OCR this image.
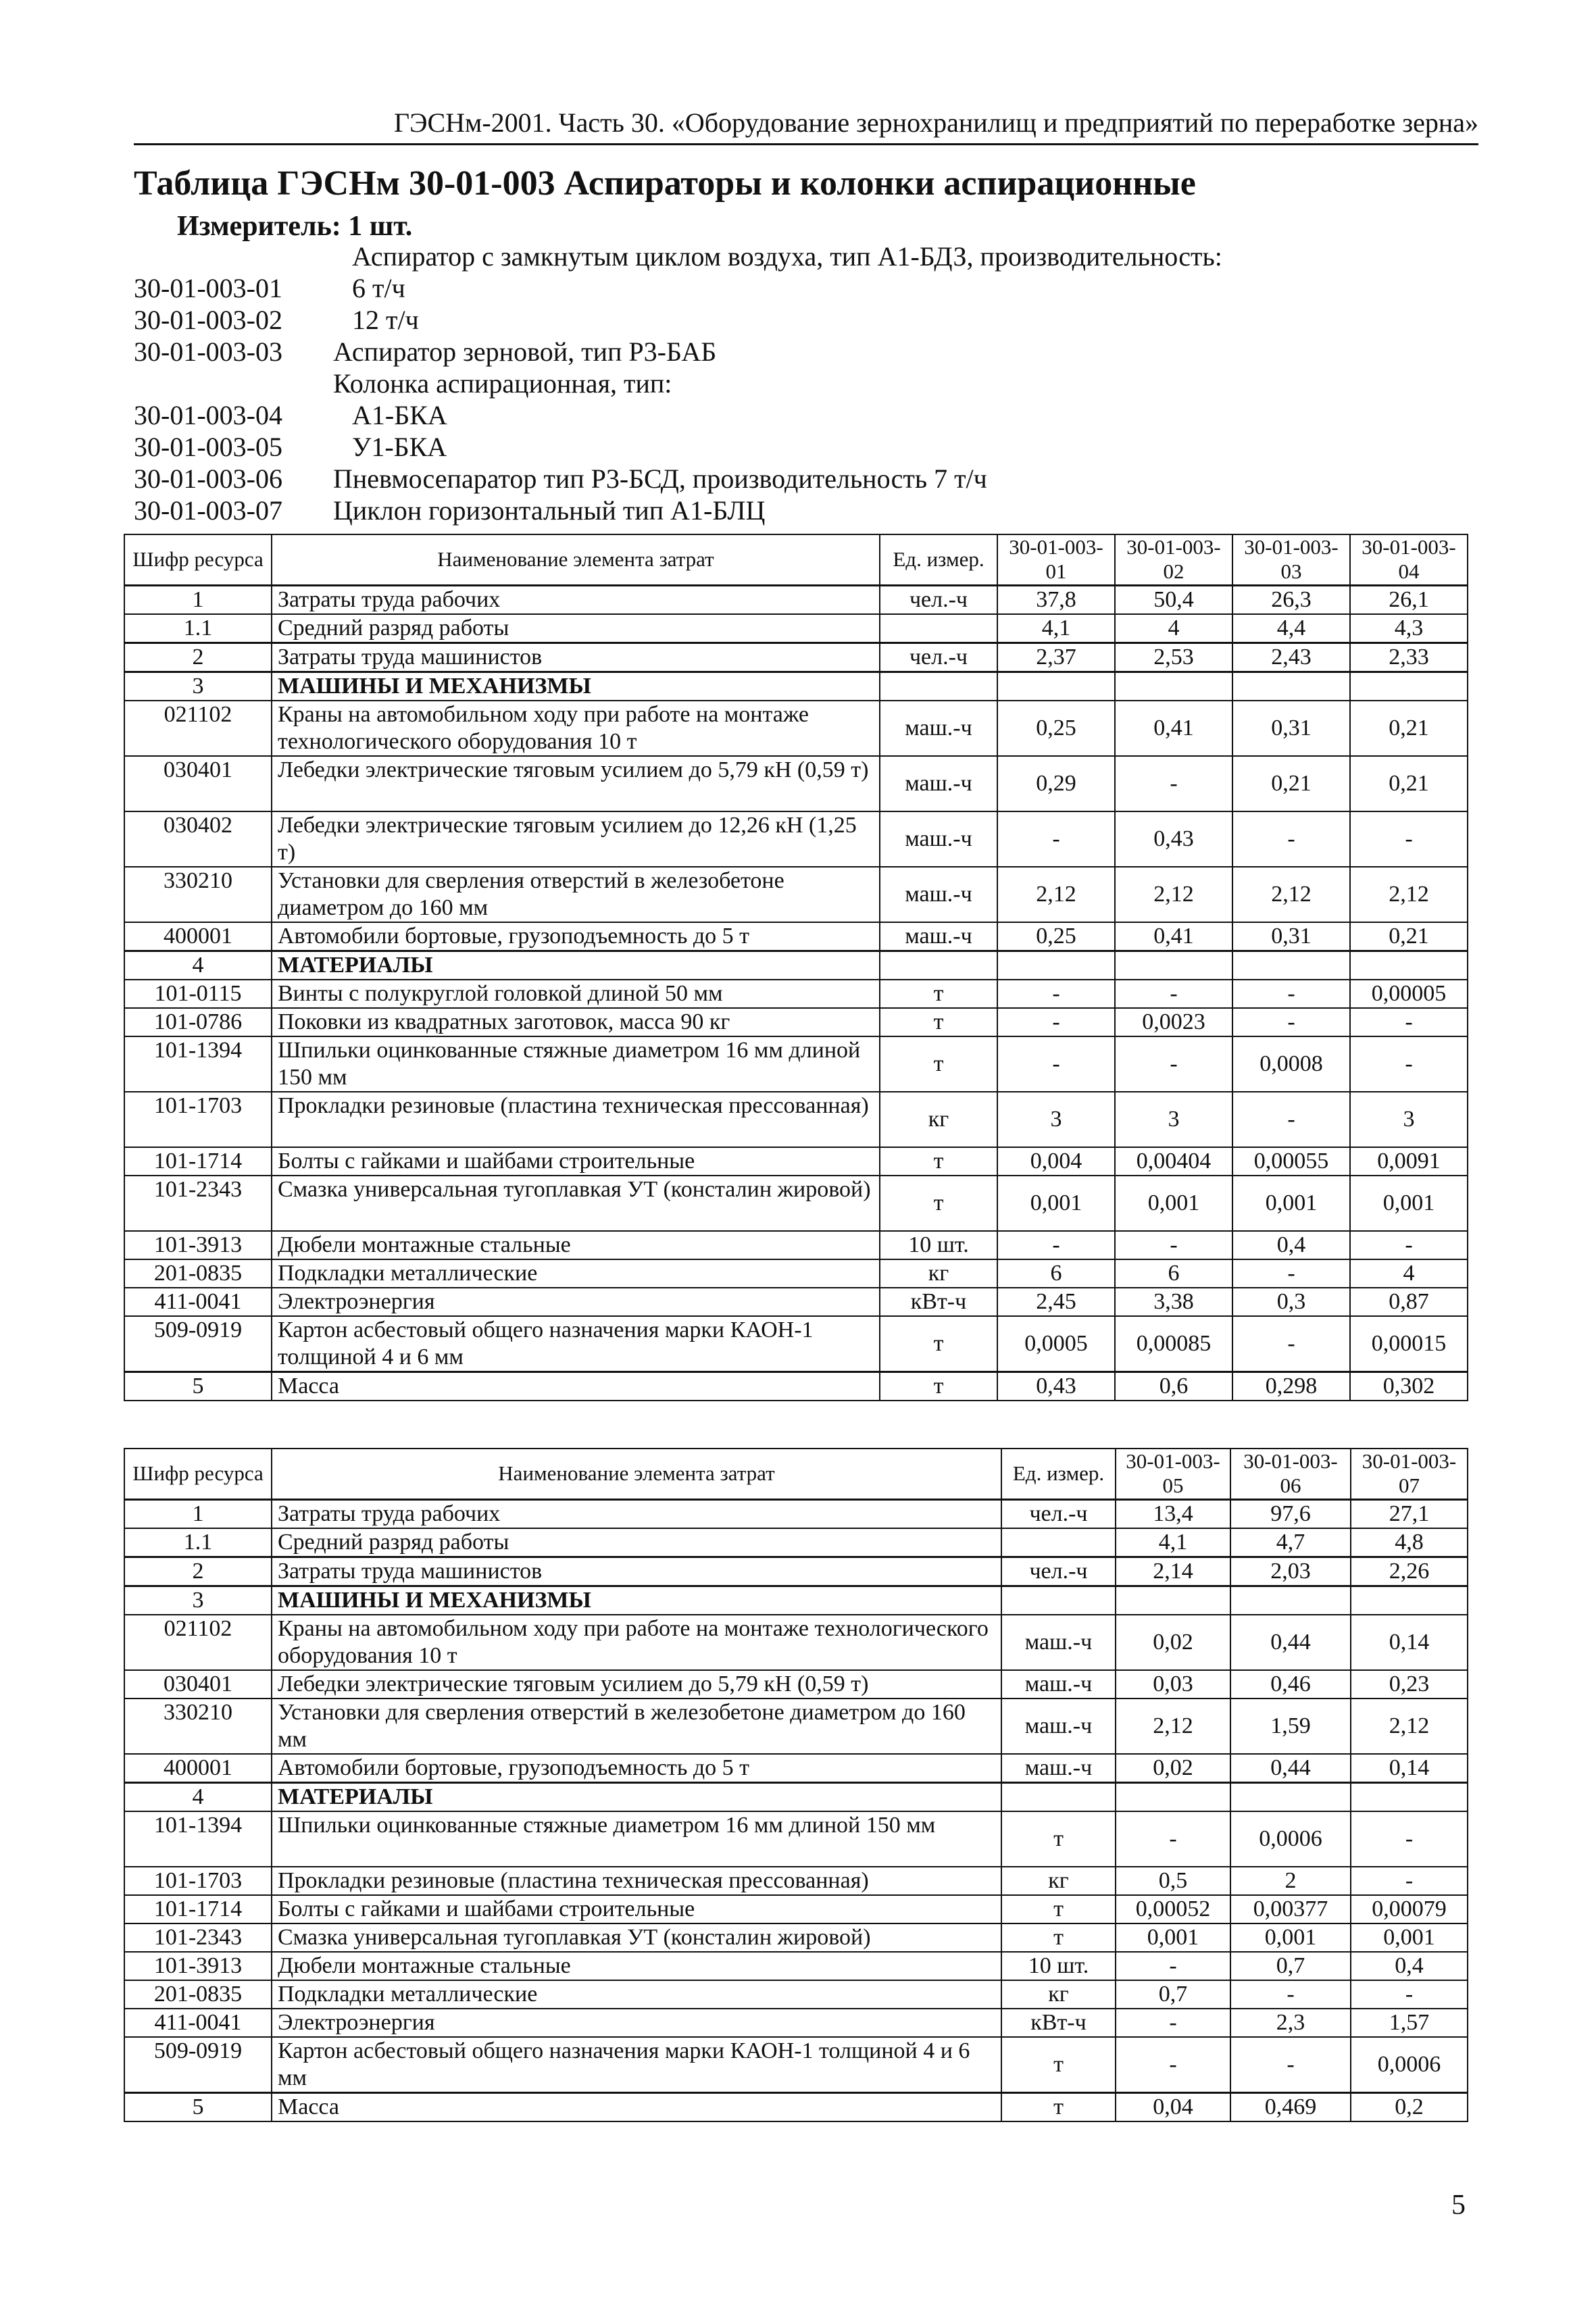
ГЭСНм-2001. Часть 30. «Оборудование зернохранилищ и предприятий по переработке зерна»
Таблица ГЭСНм 30-01-003 Аспираторы и колонки аспирационные
Измеритель: 1 шт.
Аспиратор с замкнутым циклом воздуха, тип А1-БДЗ, производительность:
30-01-003-01	6 т/ч
30-01-003-02	12 т/ч
30-01-003-03	Аспиратор зерновой, тип Р3-БАБ
Колонка аспирационная, тип:
30-01-003-04	А1-БКА
30-01-003-05	У1-БКА
30-01-003-06	Пневмосепаратор тип Р3-БСД, производительность 7 т/ч
30-01-003-07	Циклон горизонтальный тип А1-БЛЦ
Шифр ресурса	Наименование элемента затрат	Ед. измер.	30-01-003-01	30-01-003-02	30-01-003-03	30-01-003-04
1	Затраты труда рабочих	чел.-ч	37,8	50,4	26,3	26,1
1.1	Средний разряд работы		4,1	4	4,4	4,3
2	Затраты труда машинистов	чел.-ч	2,37	2,53	2,43	2,33
3	МАШИНЫ И МЕХАНИЗМЫ					
021102	Краны на автомобильном ходу при работе на монтаже технологического оборудования 10 т	маш.-ч	0,25	0,41	0,31	0,21
030401	Лебедки электрические тяговым усилием до 5,79 кН (0,59 т)	маш.-ч	0,29	-	0,21	0,21
030402	Лебедки электрические тяговым усилием до 12,26 кН (1,25 т)	маш.-ч	-	0,43	-	-
330210	Установки для сверления отверстий в железобетоне диаметром до 160 мм	маш.-ч	2,12	2,12	2,12	2,12
400001	Автомобили бортовые, грузоподъемность до 5 т	маш.-ч	0,25	0,41	0,31	0,21
4	МАТЕРИАЛЫ					
101-0115	Винты с полукруглой головкой длиной 50 мм	т	-	-	-	0,00005
101-0786	Поковки из квадратных заготовок, масса 90 кг	т	-	0,0023	-	-
101-1394	Шпильки оцинкованные стяжные диаметром 16 мм длиной 150 мм	т	-	-	0,0008	-
101-1703	Прокладки резиновые (пластина техническая прессованная)	кг	3	3	-	3
101-1714	Болты с гайками и шайбами строительные	т	0,004	0,00404	0,00055	0,0091
101-2343	Смазка универсальная тугоплавкая УТ (консталин жировой)	т	0,001	0,001	0,001	0,001
101-3913	Дюбели монтажные стальные	10 шт.	-	-	0,4	-
201-0835	Подкладки металлические	кг	6	6	-	4
411-0041	Электроэнергия	кВт-ч	2,45	3,38	0,3	0,87
509-0919	Картон асбестовый общего назначения марки КАОН-1 толщиной 4 и 6 мм	т	0,0005	0,00085	-	0,00015
5	Масса	т	0,43	0,6	0,298	0,302
Шифр ресурса	Наименование элемента затрат	Ед. измер.	30-01-003-05	30-01-003-06	30-01-003-07
1	Затраты труда рабочих	чел.-ч	13,4	97,6	27,1
1.1	Средний разряд работы		4,1	4,7	4,8
2	Затраты труда машинистов	чел.-ч	2,14	2,03	2,26
3	МАШИНЫ И МЕХАНИЗМЫ				
021102	Краны на автомобильном ходу при работе на монтаже технологического оборудования 10 т	маш.-ч	0,02	0,44	0,14
030401	Лебедки электрические тяговым усилием до 5,79 кН (0,59 т)	маш.-ч	0,03	0,46	0,23
330210	Установки для сверления отверстий в железобетоне диаметром до 160 мм	маш.-ч	2,12	1,59	2,12
400001	Автомобили бортовые, грузоподъемность до 5 т	маш.-ч	0,02	0,44	0,14
4	МАТЕРИАЛЫ				
101-1394	Шпильки оцинкованные стяжные диаметром 16 мм длиной 150 мм	т	-	0,0006	-
101-1703	Прокладки резиновые (пластина техническая прессованная)	кг	0,5	2	-
101-1714	Болты с гайками и шайбами строительные	т	0,00052	0,00377	0,00079
101-2343	Смазка универсальная тугоплавкая УТ (консталин жировой)	т	0,001	0,001	0,001
101-3913	Дюбели монтажные стальные	10 шт.	-	0,7	0,4
201-0835	Подкладки металлические	кг	0,7	-	-
411-0041	Электроэнергия	кВт-ч	-	2,3	1,57
509-0919	Картон асбестовый общего назначения марки КАОН-1 толщиной 4 и 6 мм	т	-	-	0,0006
5	Масса	т	0,04	0,469	0,2
5
